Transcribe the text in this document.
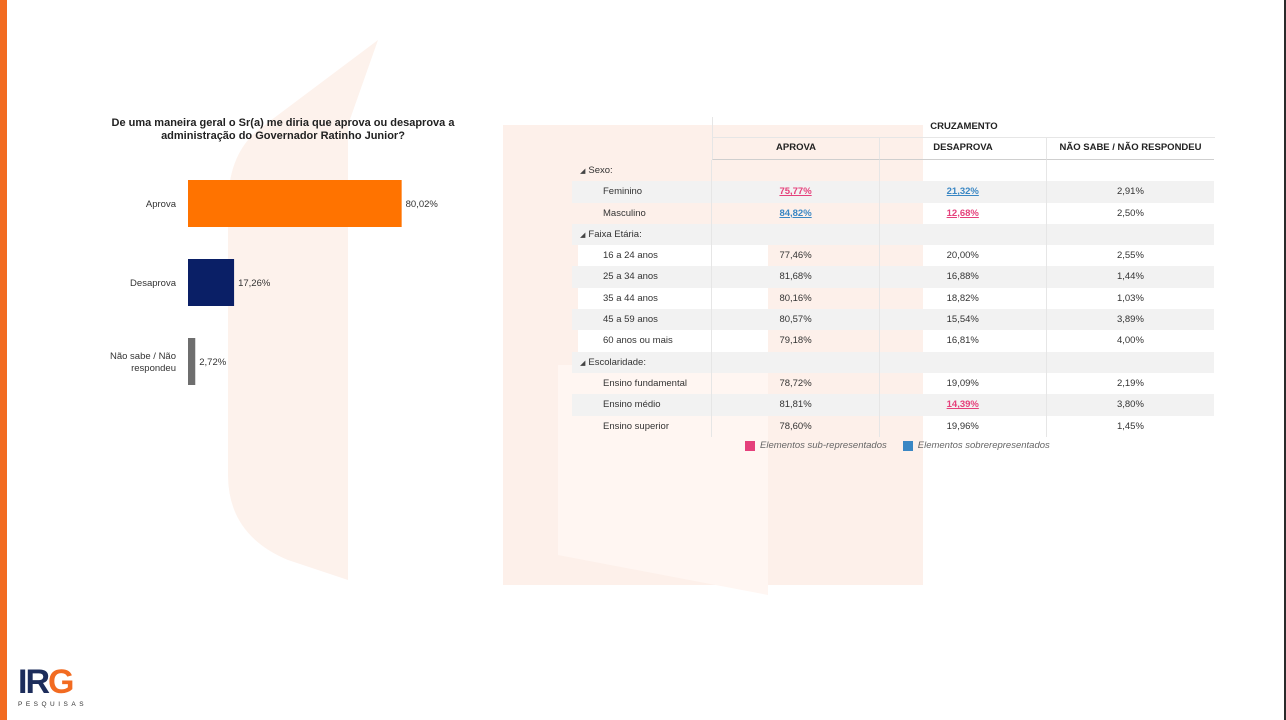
De uma maneira geral o Sr(a) me diria que aprova ou desaprova a administração do Governador Ratinho Junior?
Aprova	80,02%
Desaprova	17,26%
Não sabe / Não respondeu
2,72%
CRUZAMENTO
APROVA	DESAPROVA	NÃO SABE / NÃO RESPONDEU
◢ Sexo:
Feminino	75,77%	21,32%	2,91%
Masculino	84,82%	12,68%	2,50%
◢ Faixa Etária:
16 a 24 anos	77,46%	20,00%	2,55%
25 a 34 anos	81,68%	16,88%	1,44%
35 a 44 anos	80,16%	18,82%	1,03%
45 a 59 anos	80,57%	15,54%	3,89%
60 anos ou mais	79,18%	16,81%	4,00%
◢ Escolaridade:
Ensino fundamental	78,72%	19,09%	2,19%
Ensino médio	81,81%	14,39%	3,80%
Ensino superior	78,60%	19,96%	1,45%
Elementos sub-representados	Elementos sobrerepresentados
IRG
PESQUISAS
